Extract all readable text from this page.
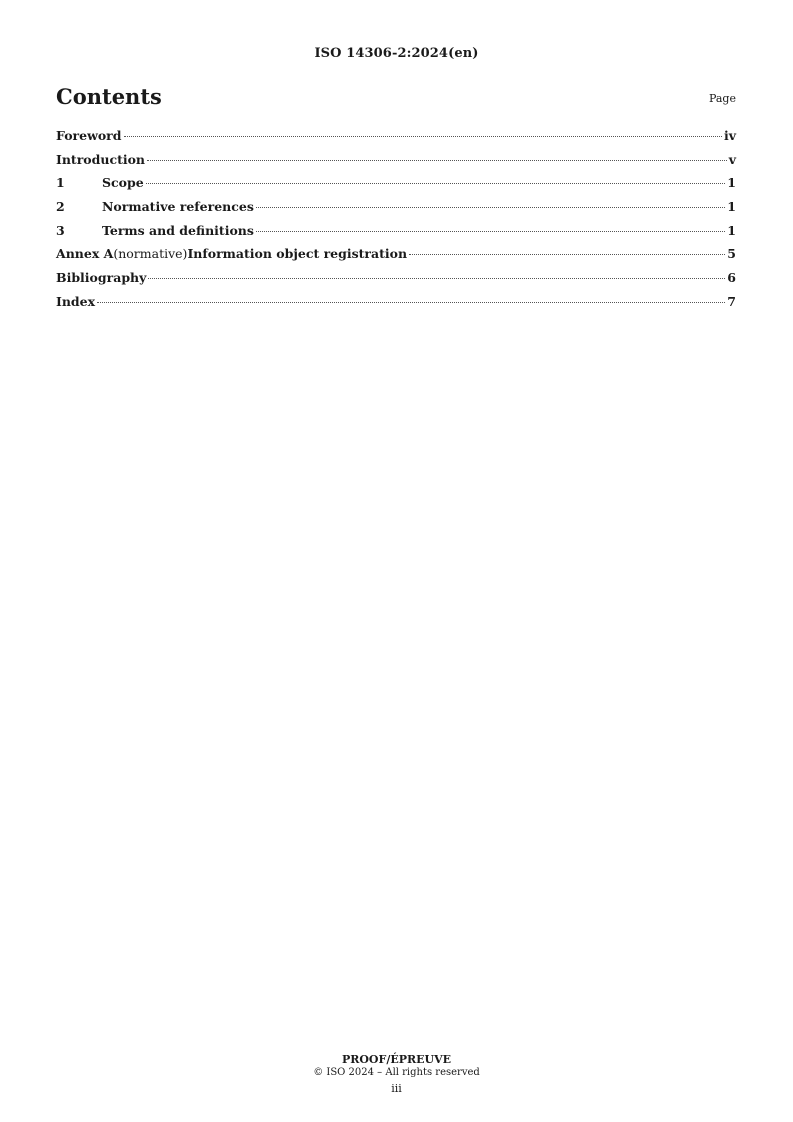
ISO 14306-2:2024(en)
Contents	Page
Foreword	iv
Introduction	v
1	Scope	1
2	Normative references	1
3	Terms and definitions	1
Annex A (normative) Information object registration	5
Bibliography	6
Index	7
PROOF/ÉPREUVE
© ISO 2024 – All rights reserved
iii
